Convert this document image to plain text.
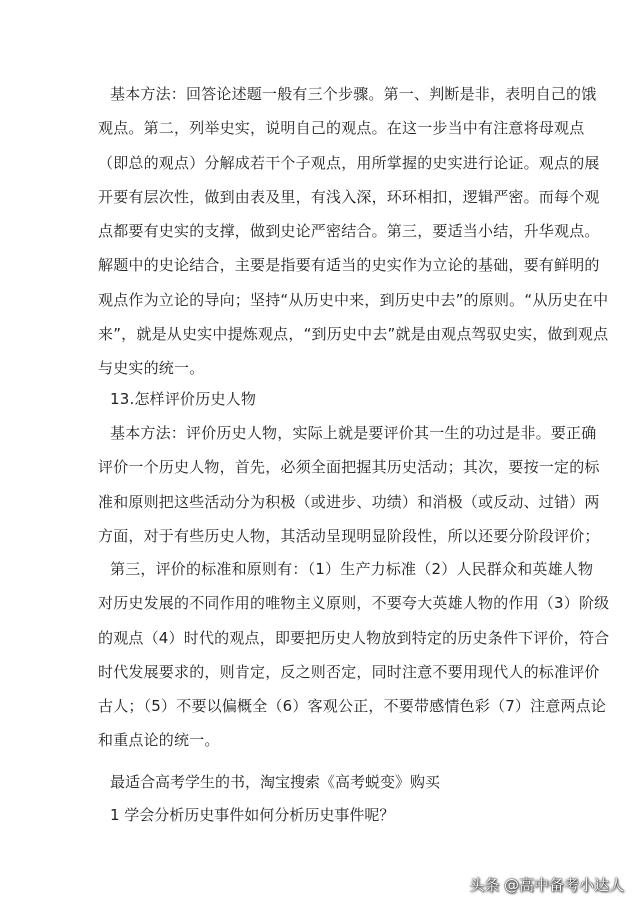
基本方法：回答论述题一般有三个步骤。第一、判断是非，表明自己的饿
观点。第二，列举史实，说明自己的观点。在这一步当中有注意将母观点
（即总的观点）分解成若干个子观点，用所掌握的史实进行论证。观点的展
开要有层次性，做到由表及里，有浅入深，环环相扣，逻辑严密。而每个观
点都要有史实的支撑，做到史论严密结合。第三，要适当小结，升华观点。
解题中的史论结合，主要是指要有适当的史实作为立论的基础，要有鲜明的
观点作为立论的导向；坚持“从历史中来，到历史中去”的原则。“从历史在中
来”，就是从史实中提炼观点，“到历史中去”就是由观点驾驭史实，做到观点
与史实的统一。
13.怎样评价历史人物
基本方法：评价历史人物，实际上就是要评价其一生的功过是非。要正确
评价一个历史人物，首先，必须全面把握其历史活动；其次，要按一定的标
准和原则把这些活动分为积极（或进步、功绩）和消极（或反动、过错）两
方面，对于有些历史人物，其活动呈现明显阶段性，所以还要分阶段评价；
第三，评价的标准和原则有：（1）生产力标准（2）人民群众和英雄人物
对历史发展的不同作用的唯物主义原则，不要夸大英雄人物的作用（3）阶级
的观点（4）时代的观点，即要把历史人物放到特定的历史条件下评价，符合
时代发展要求的，则肯定，反之则否定，同时注意不要用现代人的标准评价
古人；（5）不要以偏概全（6）客观公正，不要带感情色彩（7）注意两点论
和重点论的统一。
最适合高考学生的书，淘宝搜索《高考蜕变》购买
1 学会分析历史事件如何分析历史事件呢？
头条 @高中备考小达人
